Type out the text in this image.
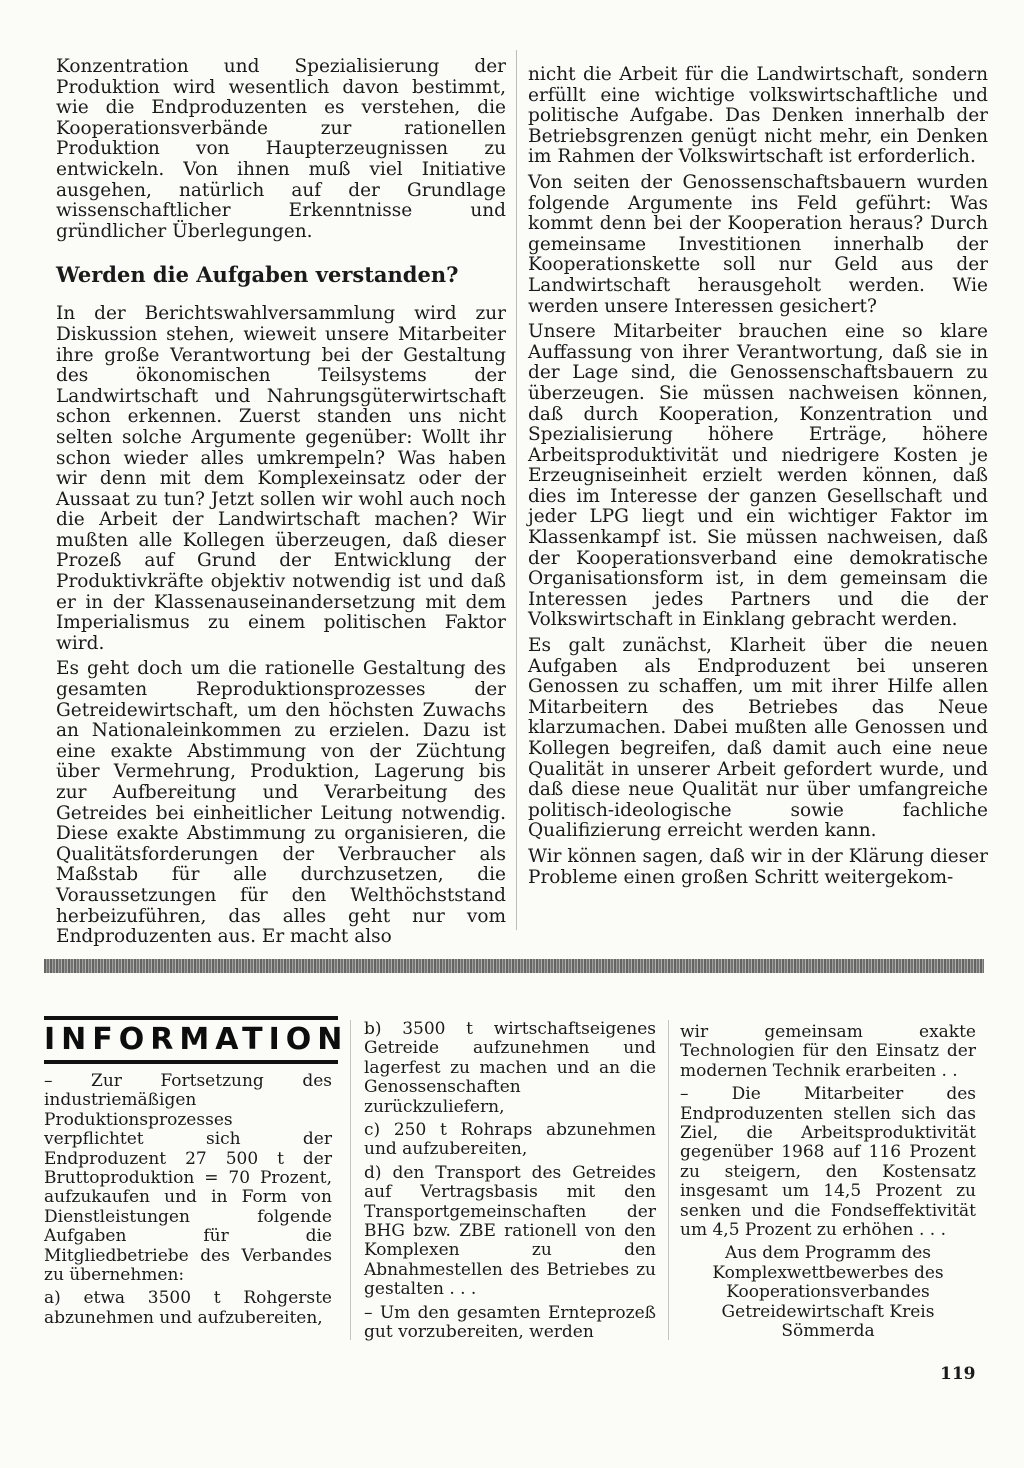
Konzentration und Spezialisierung der Produktion wird wesentlich davon bestimmt, wie die Endproduzenten es verstehen, die Kooperationsverbände zur rationellen Produktion von Haupterzeugnissen zu entwickeln. Von ihnen muß viel Initiative ausgehen, natürlich auf der Grundlage wissenschaftlicher Erkenntnisse und gründlicher Überlegungen.

Werden die Aufgaben verstanden?

In der Berichtswahlversammlung wird zur Diskussion stehen, wieweit unsere Mitarbeiter ihre große Verantwortung bei der Gestaltung des ökonomischen Teilsystems der Landwirtschaft und Nahrungsgüterwirtschaft schon erkennen. Zuerst standen uns nicht selten solche Argumente gegenüber: Wollt ihr schon wieder alles umkrempeln? Was haben wir denn mit dem Komplexeinsatz oder der Aussaat zu tun? Jetzt sollen wir wohl auch noch die Arbeit der Landwirtschaft machen? Wir mußten alle Kollegen überzeugen, daß dieser Prozeß auf Grund der Entwicklung der Produktivkräfte objektiv notwendig ist und daß er in der Klassenauseinandersetzung mit dem Imperialismus zu einem politischen Faktor wird.

Es geht doch um die rationelle Gestaltung des gesamten Reproduktionsprozesses der Getreidewirtschaft, um den höchsten Zuwachs an Nationaleinkommen zu erzielen. Dazu ist eine exakte Abstimmung von der Züchtung über Vermehrung, Produktion, Lagerung bis zur Aufbereitung und Verarbeitung des Getreides bei einheitlicher Leitung notwendig. Diese exakte Abstimmung zu organisieren, die Qualitätsforderungen der Verbraucher als Maßstab für alle durchzusetzen, die Voraussetzungen für den Welthöchststand herbeizuführen, das alles geht nur vom Endproduzenten aus. Er macht also

nicht die Arbeit für die Landwirtschaft, sondern erfüllt eine wichtige volkswirtschaftliche und politische Aufgabe. Das Denken innerhalb der Betriebsgrenzen genügt nicht mehr, ein Denken im Rahmen der Volkswirtschaft ist erforderlich.

Von seiten der Genossenschaftsbauern wurden folgende Argumente ins Feld geführt: Was kommt denn bei der Kooperation heraus? Durch gemeinsame Investitionen innerhalb der Kooperationskette soll nur Geld aus der Landwirtschaft herausgeholt werden. Wie werden unsere Interessen gesichert?

Unsere Mitarbeiter brauchen eine so klare Auffassung von ihrer Verantwortung, daß sie in der Lage sind, die Genossenschaftsbauern zu überzeugen. Sie müssen nachweisen können, daß durch Kooperation, Konzentration und Spezialisierung höhere Erträge, höhere Arbeitsproduktivität und niedrigere Kosten je Erzeugniseinheit erzielt werden können, daß dies im Interesse der ganzen Gesellschaft und jeder LPG liegt und ein wichtiger Faktor im Klassenkampf ist. Sie müssen nachweisen, daß der Kooperationsverband eine demokratische Organisationsform ist, in dem gemeinsam die Interessen jedes Partners und die der Volkswirtschaft in Einklang gebracht werden.

Es galt zunächst, Klarheit über die neuen Aufgaben als Endproduzent bei unseren Genossen zu schaffen, um mit ihrer Hilfe allen Mitarbeitern des Betriebes das Neue klarzumachen. Dabei mußten alle Genossen und Kollegen begreifen, daß damit auch eine neue Qualität in unserer Arbeit gefordert wurde, und daß diese neue Qualität nur über umfangreiche politisch-ideologische sowie fachliche Qualifizierung erreicht werden kann.

Wir können sagen, daß wir in der Klärung dieser Probleme einen großen Schritt weitergekom-

INFORMATION

– Zur Fortsetzung des industriemäßigen Produktionsprozesses verpflichtet sich der Endproduzent 27 500 t der Bruttoproduktion = 70 Prozent, aufzukaufen und in Form von Dienstleistungen folgende Aufgaben für die Mitgliedbetriebe des Verbandes zu übernehmen:

a) etwa 3500 t Rohgerste abzunehmen und aufzubereiten,

b) 3500 t wirtschaftseigenes Getreide aufzunehmen und lagerfest zu machen und an die Genossenschaften zurückzuliefern,

c) 250 t Rohraps abzunehmen und aufzubereiten,

d) den Transport des Getreides auf Vertragsbasis mit den Transportgemeinschaften der BHG bzw. ZBE rationell von den Komplexen zu den Abnahmestellen des Betriebes zu gestalten . . .

– Um den gesamten Ernteprozeß gut vorzubereiten, werden

wir gemeinsam exakte Technologien für den Einsatz der modernen Technik erarbeiten . .

– Die Mitarbeiter des Endproduzenten stellen sich das Ziel, die Arbeitsproduktivität gegenüber 1968 auf 116 Prozent zu steigern, den Kostensatz insgesamt um 14,5 Prozent zu senken und die Fondseffektivität um 4,5 Prozent zu erhöhen . . .

Aus dem Programm des Komplexwettbewerbes des Kooperationsverbandes Getreidewirtschaft Kreis Sömmerda

119
